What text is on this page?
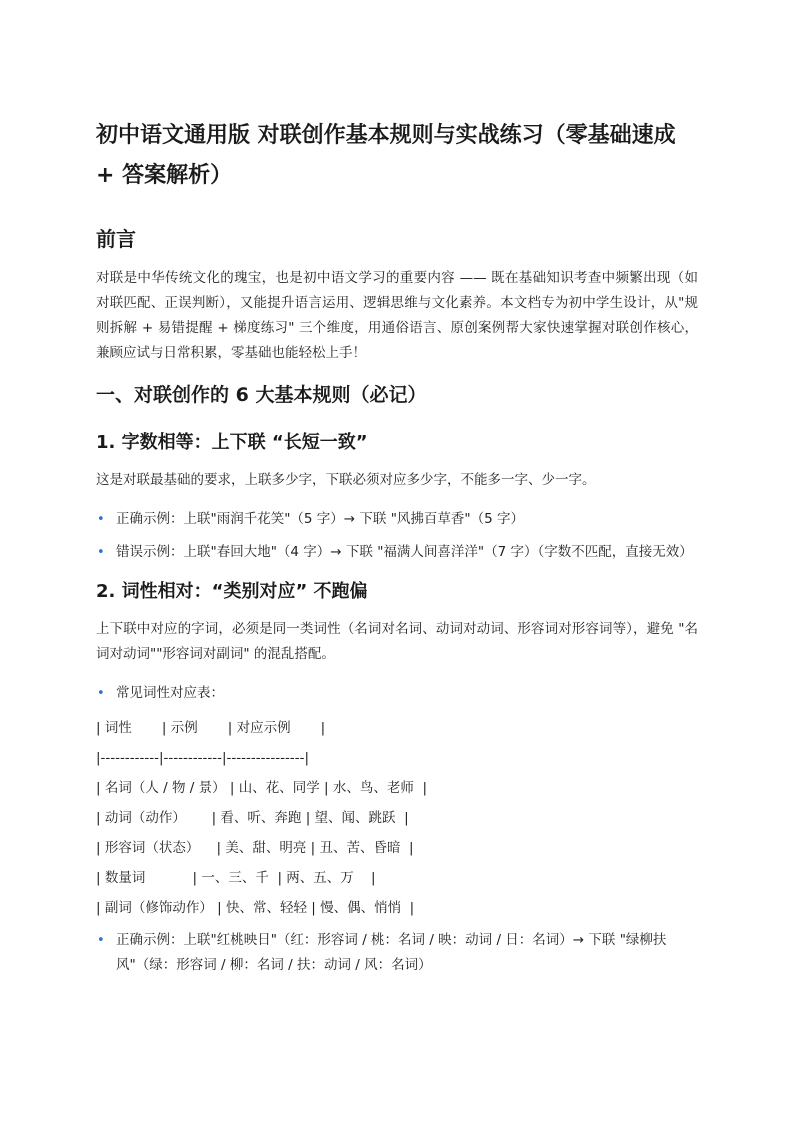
初中语文通用版 对联创作基本规则与实战练习（零基础速成 + 答案解析）
前言

对联是中华传统文化的瑰宝，也是初中语文学习的重要内容 —— 既在基础知识考查中频繁出现（如对联匹配、正误判断），又能提升语言运用、逻辑思维与文化素养。本文档专为初中学生设计，从"规则拆解 + 易错提醒 + 梯度练习" 三个维度，用通俗语言、原创案例帮大家快速掌握对联创作核心，兼顾应试与日常积累，零基础也能轻松上手！

一、对联创作的 6 大基本规则（必记）
1. 字数相等：上下联 “长短一致”

这是对联最基础的要求，上联多少字，下联必须对应多少字，不能多一字、少一字。

• 正确示例：上联"雨润千花笑"（5 字）→ 下联 "风拂百草香"（5 字）
• 错误示例：上联"春回大地"（4 字）→ 下联 "福满人间喜洋洋"（7 字）（字数不匹配，直接无效）
2. 词性相对：“类别对应” 不跑偏

上下联中对应的字词，必须是同一类词性（名词对名词、动词对动词、形容词对形容词等），避免 "名词对动词""形容词对副词" 的混乱搭配。

• 常见词性对应表：

| 词性       | 示例       | 对应示例       |

|------------|------------|----------------|

| 名词（人 / 物 / 景） | 山、花、同学 | 水、鸟、老师  |

| 动词（动作）      | 看、听、奔跑 | 望、闻、跳跃  |

| 形容词（状态）    | 美、甜、明亮 | 丑、苦、昏暗  |

| 数量词           | 一、三、千  | 两、五、万    |

| 副词（修饰动作） | 快、常、轻轻 | 慢、偶、悄悄  |

• 正确示例：上联"红桃映日"（红：形容词 / 桃：名词 / 映：动词 / 日：名词）→ 下联 "绿柳扶风"（绿：形容词 / 柳：名词 / 扶：动词 / 风：名词）
